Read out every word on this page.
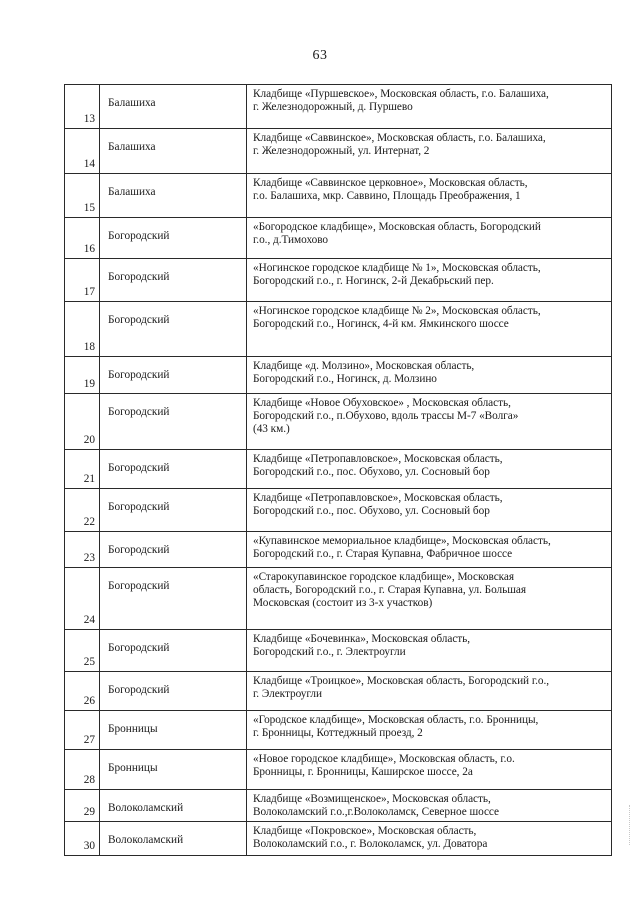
63
13	Балашиха	Кладбище «Пуршевское», Московская область, г.о. Балашиха,
г. Железнодорожный, д. Пуршево
14	Балашиха	Кладбище «Саввинское», Московская область, г.о. Балашиха,
г. Железнодорожный, ул. Интернат, 2
15	Балашиха	Кладбище «Саввинское церковное», Московская область,
г.о. Балашиха, мкр. Саввино, Площадь Преображения, 1
16	Богородский	«Богородское кладбище», Московская область, Богородский
г.о., д.Тимохово
17	Богородский	«Ногинское городское кладбище № 1», Московская область,
Богородский г.о., г. Ногинск, 2-й Декабрьский пер.
18	Богородский	«Ногинское городское кладбище № 2», Московская область,
Богородский г.о., Ногинск, 4-й км. Ямкинского шоссе
19	Богородский	Кладбище «д. Молзино», Московская область,
Богородский г.о., Ногинск, д. Молзино
20	Богородский	Кладбище «Новое Обуховское» , Московская область,
Богородский г.о., п.Обухово, вдоль трассы М-7 «Волга»
(43 км.)
21	Богородский	Кладбище «Петропавловское», Московская область,
Богородский г.о., пос. Обухово, ул. Сосновый бор
22	Богородский	Кладбище «Петропавловское», Московская область,
Богородский г.о., пос. Обухово, ул. Сосновый бор
23	Богородский	«Купавинское мемориальное кладбище», Московская область,
Богородский г.о., г. Старая Купавна, Фабричное шоссе
24	Богородский	«Старокупавинское городское кладбище», Московская
область, Богородский г.о., г. Старая Купавна, ул. Большая
Московская (состоит из 3-х участков)
25	Богородский	Кладбище «Бочевинка», Московская область,
Богородский г.о., г. Электроугли
26	Богородский	Кладбище «Троицкое», Московская область, Богородский г.о.,
г. Электроугли
27	Бронницы	«Городское кладбище», Московская область, г.о. Бронницы,
г. Бронницы, Коттеджный проезд, 2
28	Бронницы	«Новое городское кладбище», Московская область, г.о.
Бронницы, г. Бронницы, Каширское шоссе, 2а
29	Волоколамский	Кладбище «Возмищенское», Московская область,
Волоколамский г.о.,г.Волоколамск, Северное шоссе
30	Волоколамский	Кладбище «Покровское», Московская область,
Волоколамский г.о., г. Волоколамск, ул. Доватора
